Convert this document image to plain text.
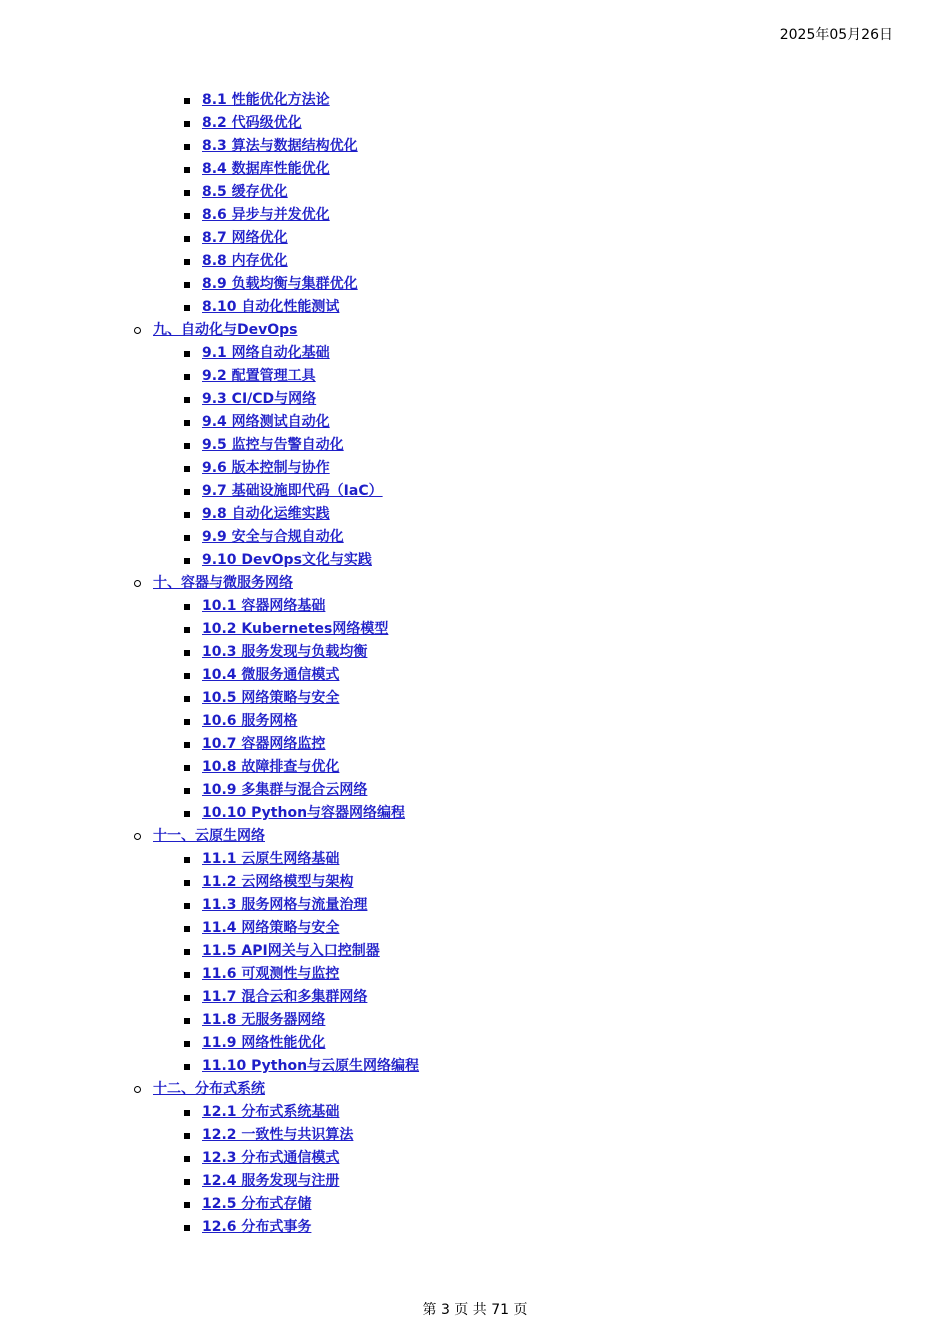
2025年05月26日
8.1 性能优化方法论
8.2 代码级优化
8.3 算法与数据结构优化
8.4 数据库性能优化
8.5 缓存优化
8.6 异步与并发优化
8.7 网络优化
8.8 内存优化
8.9 负载均衡与集群优化
8.10 自动化性能测试
九、自动化与DevOps
9.1 网络自动化基础
9.2 配置管理工具
9.3 CI/CD与网络
9.4 网络测试自动化
9.5 监控与告警自动化
9.6 版本控制与协作
9.7 基础设施即代码（IaC）
9.8 自动化运维实践
9.9 安全与合规自动化
9.10 DevOps文化与实践
十、容器与微服务网络
10.1 容器网络基础
10.2 Kubernetes网络模型
10.3 服务发现与负载均衡
10.4 微服务通信模式
10.5 网络策略与安全
10.6 服务网格
10.7 容器网络监控
10.8 故障排查与优化
10.9 多集群与混合云网络
10.10 Python与容器网络编程
十一、云原生网络
11.1 云原生网络基础
11.2 云网络模型与架构
11.3 服务网格与流量治理
11.4 网络策略与安全
11.5 API网关与入口控制器
11.6 可观测性与监控
11.7 混合云和多集群网络
11.8 无服务器网络
11.9 网络性能优化
11.10 Python与云原生网络编程
十二、分布式系统
12.1 分布式系统基础
12.2 一致性与共识算法
12.3 分布式通信模式
12.4 服务发现与注册
12.5 分布式存储
12.6 分布式事务
第 3 页 共 71 页
